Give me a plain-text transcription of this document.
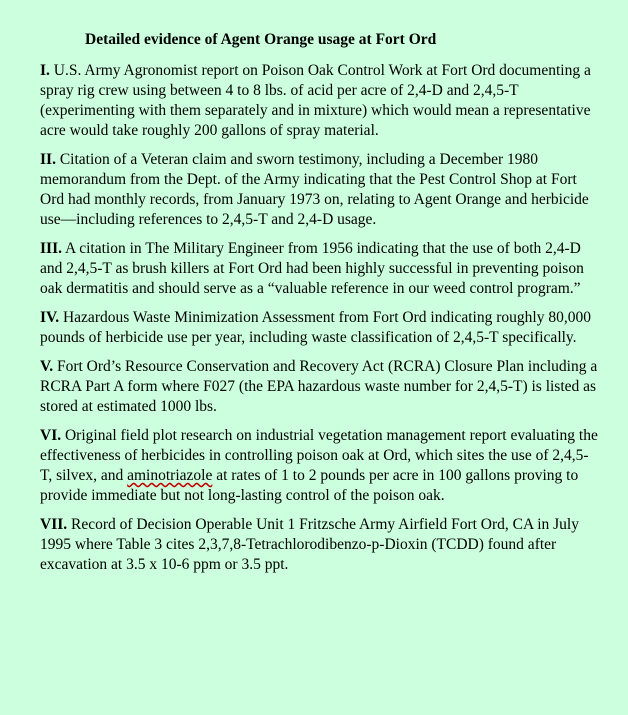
Detailed evidence of Agent Orange usage at Fort Ord

I. U.S. Army Agronomist report on Poison Oak Control Work at Fort Ord documenting a spray rig crew using between 4 to 8 lbs. of acid per acre of 2,4-D and 2,4,5-T (experimenting with them separately and in mixture) which would mean a representative acre would take roughly 200 gallons of spray material.

II. Citation of a Veteran claim and sworn testimony, including a December 1980 memorandum from the Dept. of the Army indicating that the Pest Control Shop at Fort Ord had monthly records, from January 1973 on, relating to Agent Orange and herbicide use—including references to 2,4,5-T and 2,4-D usage.

III. A citation in The Military Engineer from 1956 indicating that the use of both 2,4-D and 2,4,5-T as brush killers at Fort Ord had been highly successful in preventing poison oak dermatitis and should serve as a “valuable reference in our weed control program.”

IV. Hazardous Waste Minimization Assessment from Fort Ord indicating roughly 80,000 pounds of herbicide use per year, including waste classification of 2,4,5-T specifically.

V. Fort Ord’s Resource Conservation and Recovery Act (RCRA) Closure Plan including a RCRA Part A form where F027 (the EPA hazardous waste number for 2,4,5-T) is listed as stored at estimated 1000 lbs.

VI. Original field plot research on industrial vegetation management report evaluating the effectiveness of herbicides in controlling poison oak at Ord, which sites the use of 2,4,5-T, silvex, and aminotriazole at rates of 1 to 2 pounds per acre in 100 gallons proving to provide immediate but not long-lasting control of the poison oak.

VII. Record of Decision Operable Unit 1 Fritzsche Army Airfield Fort Ord, CA in July 1995 where Table 3 cites 2,3,7,8-Tetrachlorodibenzo-p-Dioxin (TCDD) found after excavation at 3.5 x 10-6 ppm or 3.5 ppt.
